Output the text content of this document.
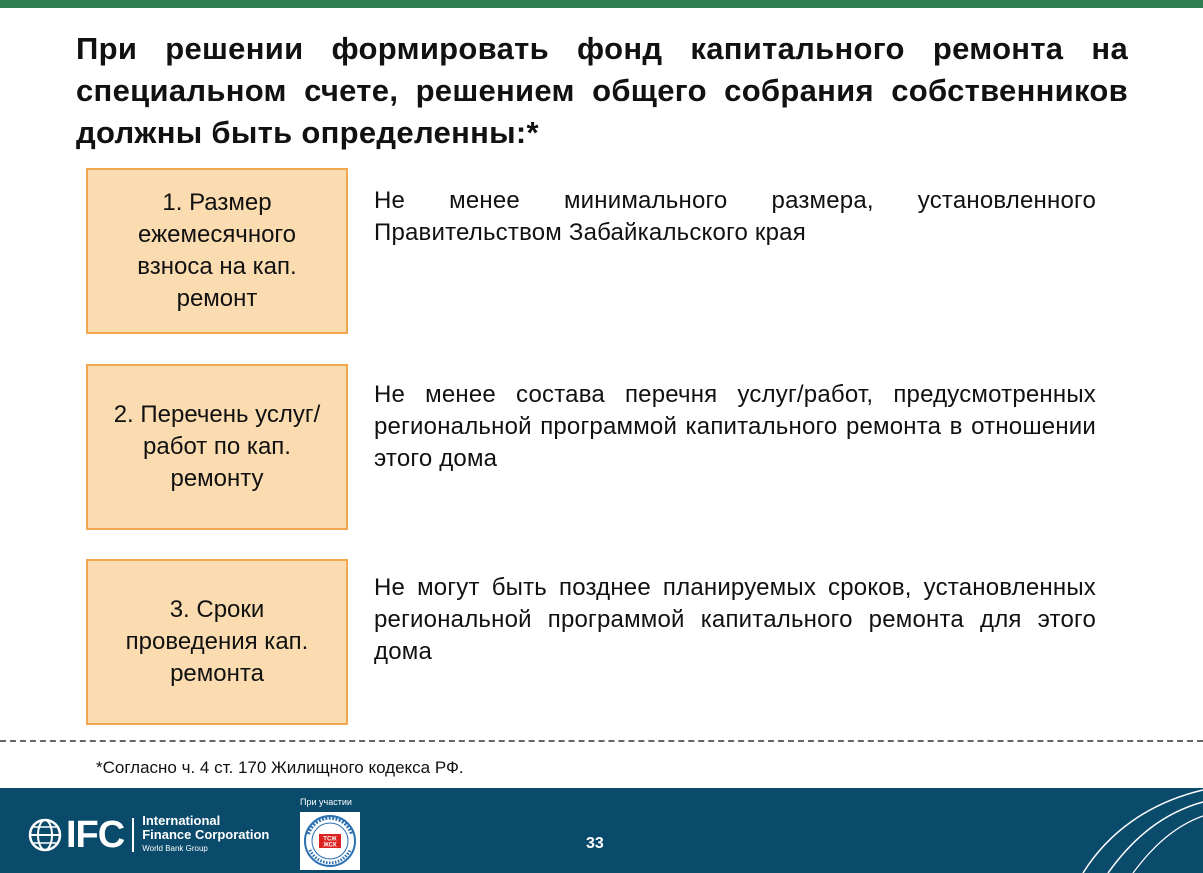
При решении формировать фонд капитального ремонта на специальном счете, решением общего собрания собственников должны быть определенны:*
1. Размер ежемесячного взноса на кап. ремонт
Не менее минимального размера, установленного Правительством Забайкальского края
2. Перечень услуг/работ по кап. ремонту
Не менее состава перечня услуг/работ, предусмотренных региональной программой капитального ремонта в отношении этого дома
3. Сроки проведения кап. ремонта
Не могут быть позднее планируемых сроков, установленных региональной программой капитального ремонта для этого дома
*Согласно ч. 4 ст. 170 Жилищного кодекса РФ.
IFC International
Finance Corporation
World Bank Group
При участии
ТСЖ
ЖСК	33
